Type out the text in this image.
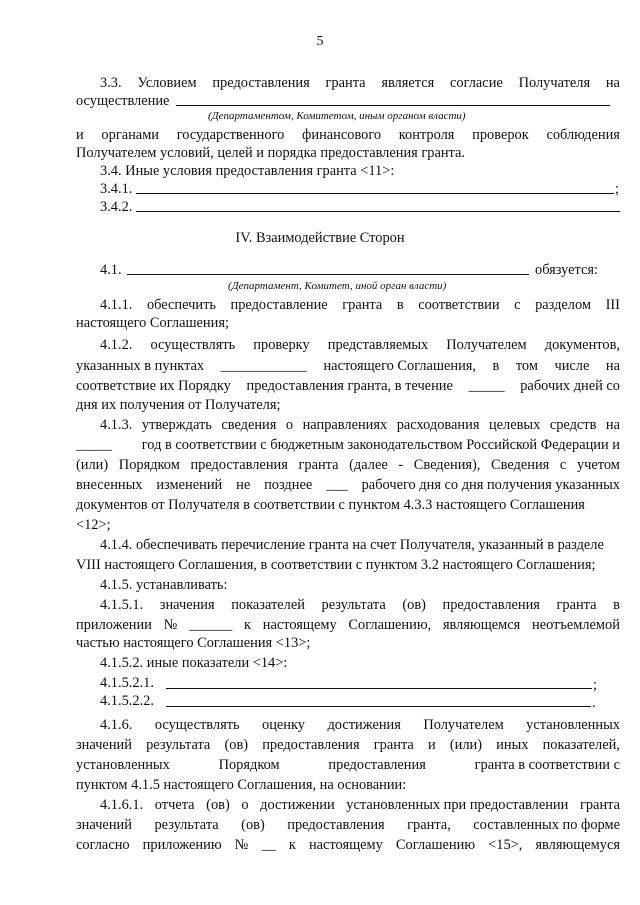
5
3.3. Условием предоставления гранта является согласие Получателя на
осуществление
(Департаментом, Комитетом, иным органом власти)
и органами государственного финансового контроля проверок соблюдения
Получателем условий, целей и порядка предоставления гранта.
3.4. Иные условия предоставления гранта <11>:
3.4.1.	;
3.4.2.
IV. Взаимодействие Сторон
4.1.	обязуется:
(Департамент, Комитет, иной орган власти)
4.1.1. обеспечить предоставление гранта в соответствии с разделом III
настоящего Соглашения;
4.1.2. осуществлять проверку представляемых Получателем документов,
указанных в пунктах ____________ настоящего Соглашения, в том числе на
соответствие их Порядку предоставления гранта, в течение _____ рабочих дней со
дня их получения от Получателя;
4.1.3. утверждать сведения о направлениях расходования целевых средств на
_____ год в соответствии с бюджетным законодательством Российской Федерации и
(или) Порядком предоставления гранта (далее - Сведения), Сведения с учетом
внесенных изменений не позднее ___ рабочего дня со дня получения указанных
документов от Получателя в соответствии с пунктом 4.3.3 настоящего Соглашения
<12>;
4.1.4. обеспечивать перечисление гранта на счет Получателя, указанный в разделе
VIII настоящего Соглашения, в соответствии с пунктом 3.2 настоящего Соглашения;
4.1.5. устанавливать:
4.1.5.1. значения показателей результата (ов) предоставления гранта в
приложении № ______ к настоящему Соглашению, являющемся неотъемлемой
частью настоящего Соглашения <13>;
4.1.5.2. иные показатели <14>:
4.1.5.2.1.	;
4.1.5.2.2.	.
4.1.6. осуществлять оценку достижения Получателем установленных
значений результата (ов) предоставления гранта и (или) иных показателей,
установленных	Порядком	предоставления	гранта в соответствии с
пунктом 4.1.5 настоящего Соглашения, на основании:
4.1.6.1. отчета (ов) о достижении установленных при предоставлении гранта
значений результата (ов) предоставления гранта, составленных по форме
согласно приложению № __ к настоящему Соглашению <15>, являющемуся
